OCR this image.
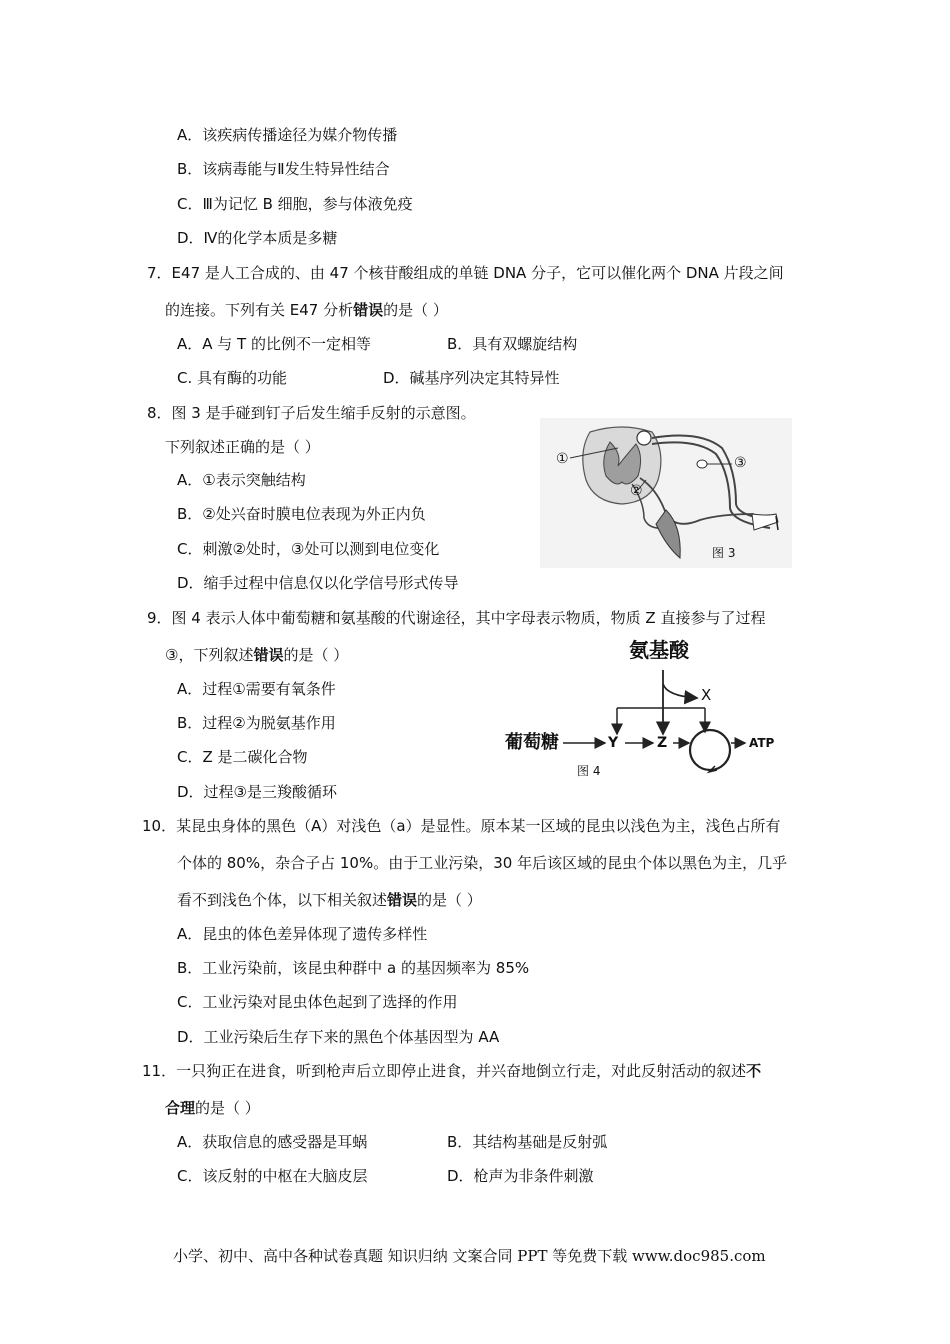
A．该疾病传播途径为媒介物传播
B．该病毒能与Ⅱ发生特异性结合
C．Ⅲ为记忆 B 细胞，参与体液免疫
D．Ⅳ的化学本质是多糖
7．E47 是人工合成的、由 47 个核苷酸组成的单链 DNA 分子，它可以催化两个 DNA 片段之间
的连接。下列有关 E47 分析错误的是（ ）
A．A 与 T 的比例不一定相等	B．具有双螺旋结构
C. 具有酶的功能	D．碱基序列决定其特异性
8．图 3 是手碰到钉子后发生缩手反射的示意图。
下列叙述正确的是（ ）
A．①表示突触结构
B．②处兴奋时膜电位表现为外正内负
C．刺激②处时，③处可以测到电位变化
D．缩手过程中信息仅以化学信号形式传导
①
②
③
图 3
9．图 4 表示人体中葡萄糖和氨基酸的代谢途径，其中字母表示物质，物质 Z 直接参与了过程
③，下列叙述错误的是（ ）
A．过程①需要有氧条件
B．过程②为脱氨基作用
C．Z 是二碳化合物
D．过程③是三羧酸循环
氨基酸
X
葡萄糖	Y	Z	ATP
图 4
10．某昆虫身体的黑色（A）对浅色（a）是显性。原本某一区域的昆虫以浅色为主，浅色占所有
个体的 80%，杂合子占 10%。由于工业污染，30 年后该区域的昆虫个体以黑色为主，几乎
看不到浅色个体，以下相关叙述错误的是（ ）
A．昆虫的体色差异体现了遗传多样性
B．工业污染前，该昆虫种群中 a 的基因频率为 85%
C．工业污染对昆虫体色起到了选择的作用
D．工业污染后生存下来的黑色个体基因型为 AA
11．一只狗正在进食，听到枪声后立即停止进食，并兴奋地倒立行走，对此反射活动的叙述不
合理的是（ ）
A．获取信息的感受器是耳蜗	B．其结构基础是反射弧
C．该反射的中枢在大脑皮层	D．枪声为非条件刺激
小学、初中、高中各种试卷真题 知识归纳 文案合同 PPT 等免费下载 www.doc985.com
